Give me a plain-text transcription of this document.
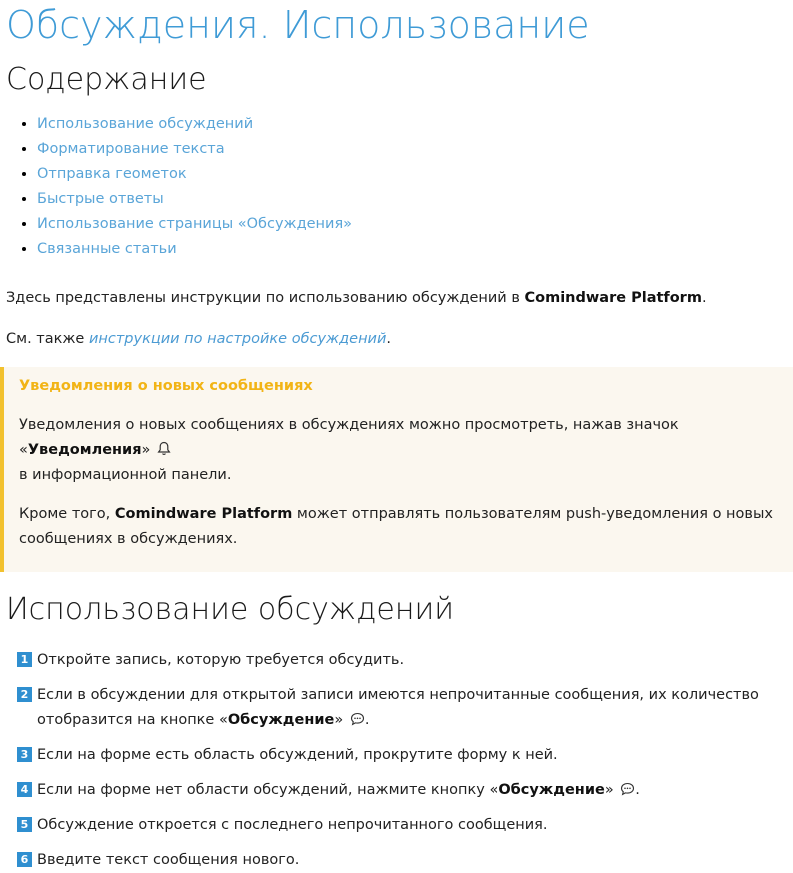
Обсуждения. Использование
Содержание
• Использование обсуждений
• Форматирование текста
• Отправка геометок
• Быстрые ответы
• Использование страницы «Обсуждения»
• Связанные статьи

Здесь представлены инструкции по использованию обсуждений в Comindware Platform.

См. также инструкции по настройке обсуждений.

Уведомления о новых сообщениях

Уведомления о новых сообщениях в обсуждениях можно просмотреть, нажав значок «Уведомления»
в информационной панели.

Кроме того, Comindware Platform может отправлять пользователям push-уведомления о новых сообщениях в обсуждениях.

Использование обсуждений
1 Откройте запись, которую требуется обсудить.
2 Если в обсуждении для открытой записи имеются непрочитанные сообщения, их количество отобразится на кнопке «Обсуждение» .
3 Если на форме есть область обсуждений, прокрутите форму к ней.
4 Если на форме нет области обсуждений, нажмите кнопку «Обсуждение» .
5 Обсуждение откроется с последнего непрочитанного сообщения.
6 Введите текст сообщения нового.
